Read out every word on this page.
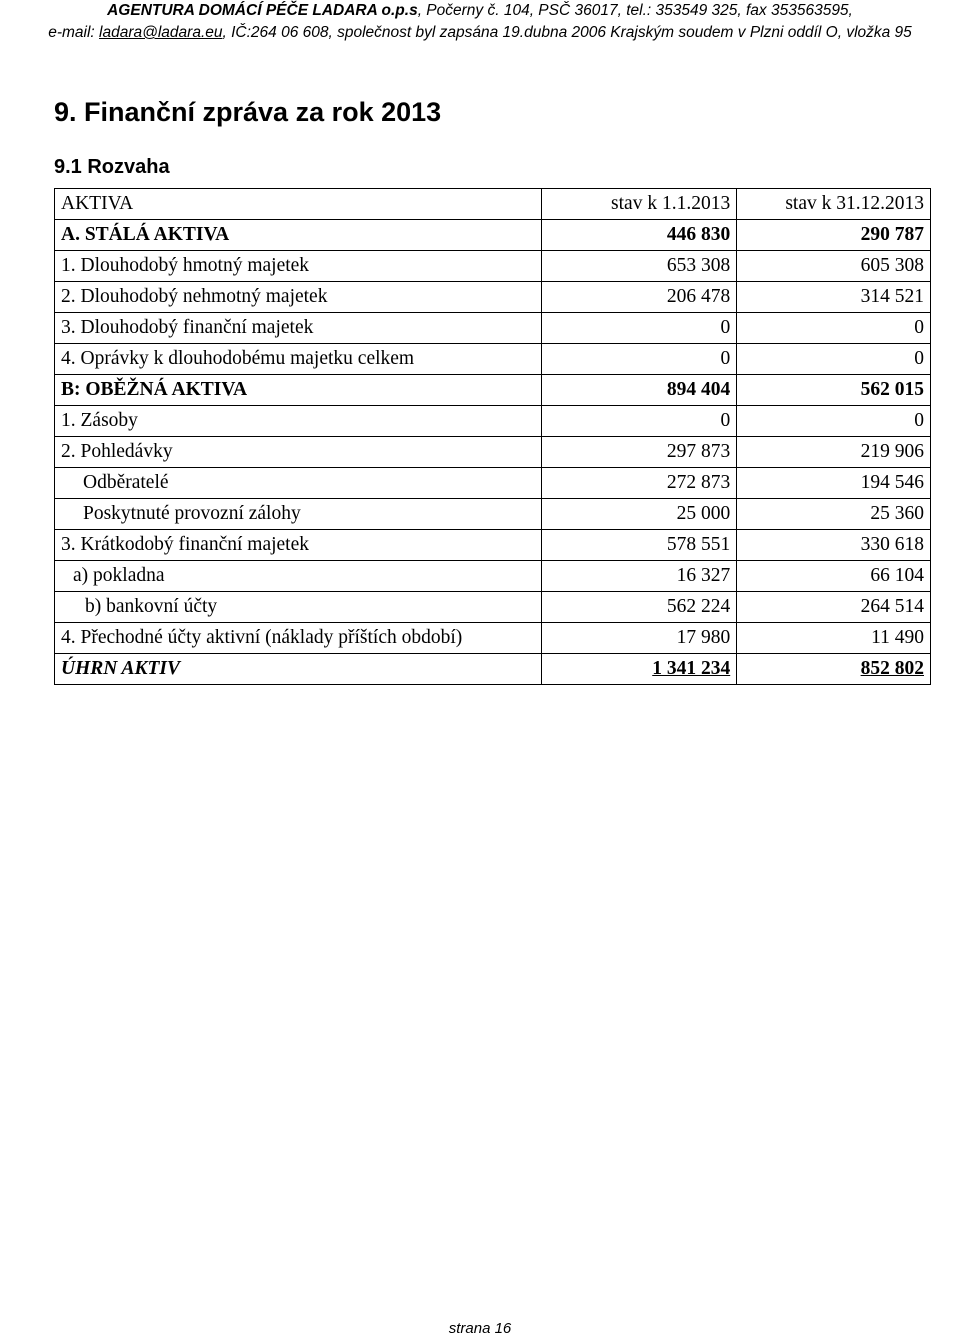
AGENTURA DOMÁCÍ PÉČE LADARA o.p.s, Počerny č. 104, PSČ 36017, tel.: 353549 325, fax 353563595,
e-mail: ladara@ladara.eu, IČ:264 06 608, společnost byl zapsána 19.dubna 2006 Krajským soudem v Plzni oddíl O, vložka 95
9. Finanční zpráva za rok 2013
9.1 Rozvaha
AKTIVA	stav k 1.1.2013	stav k 31.12.2013
A. STÁLÁ AKTIVA	446 830	290 787
1. Dlouhodobý hmotný majetek	653 308	605 308
2. Dlouhodobý nehmotný majetek	206 478	314 521
3. Dlouhodobý finanční majetek	0	0
4. Oprávky k dlouhodobému majetku celkem	0	0
B: OBĚŽNÁ AKTIVA	894 404	562 015
1. Zásoby	0	0
2. Pohledávky	297 873	219 906
Odběratelé	272 873	194 546
Poskytnuté provozní zálohy	25 000	25 360
3. Krátkodobý finanční majetek	578 551	330 618
a) pokladna	16 327	66 104
b) bankovní účty	562 224	264 514
4. Přechodné účty aktivní (náklady příštích období)	17 980	11 490
ÚHRN AKTIV	1 341 234	852 802
strana 16
